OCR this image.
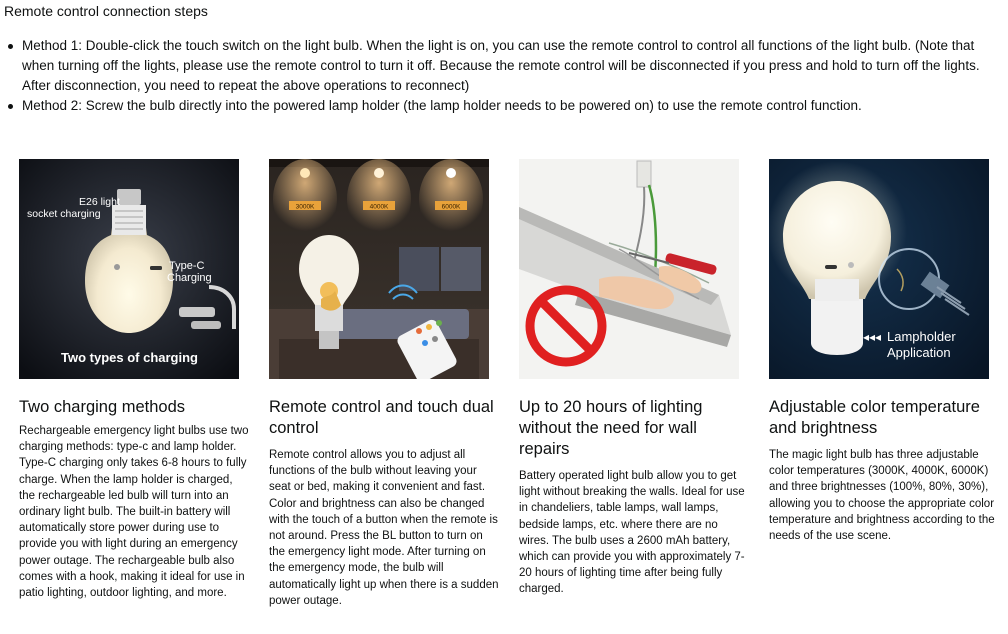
Remote control connection steps
Method 1: Double-click the touch switch on the light bulb. When the light is on, you can use the remote control to control all functions of the light bulb. (Note that when turning off the lights, please use the remote control to turn it off. Because the remote control will be disconnected if you press and hold to turn off the lights. After disconnection, you need to repeat the above operations to reconnect)
Method 2: Screw the bulb directly into the powered lamp holder (the lamp holder needs to be powered on) to use the remote control function.
E26 light socket charging
Type-C Charging
Two types of charging
Two charging methods

Rechargeable emergency light bulbs use two charging methods: type-c and lamp holder. Type-C charging only takes 6-8 hours to fully charge. When the lamp holder is charged, the rechargeable led bulb will turn into an ordinary light bulb. The built-in battery will automatically store power during use to provide you with light during an emergency power outage. The rechargeable bulb also comes with a hook, making it ideal for use in patio lighting, outdoor lighting, and more.

3000K	4000K	6000K
Remote control and touch dual control

Remote control allows you to adjust all functions of the bulb without leaving your seat or bed, making it convenient and fast. Color and brightness can also be changed with the touch of a button when the remote is not around. Press the BL button to turn on the emergency light mode. After turning on the emergency mode, the bulb will automatically light up when there is a sudden power outage.

Up to 20 hours of lighting without the need for wall repairs

Battery operated light bulb allow you to get light without breaking the walls. Ideal for use in chandeliers, table lamps, wall lamps, bedside lamps, etc. where there are no wires. The bulb uses a 2600 mAh battery, which can provide you with approximately 7-20 hours of lighting time after being fully charged.

◂◂◂ Lampholder Application
Adjustable color temperature and brightness

The magic light bulb has three adjustable color temperatures (3000K, 4000K, 6000K) and three brightnesses (100%, 80%, 30%), allowing you to choose the appropriate color temperature and brightness according to the needs of the use scene.
